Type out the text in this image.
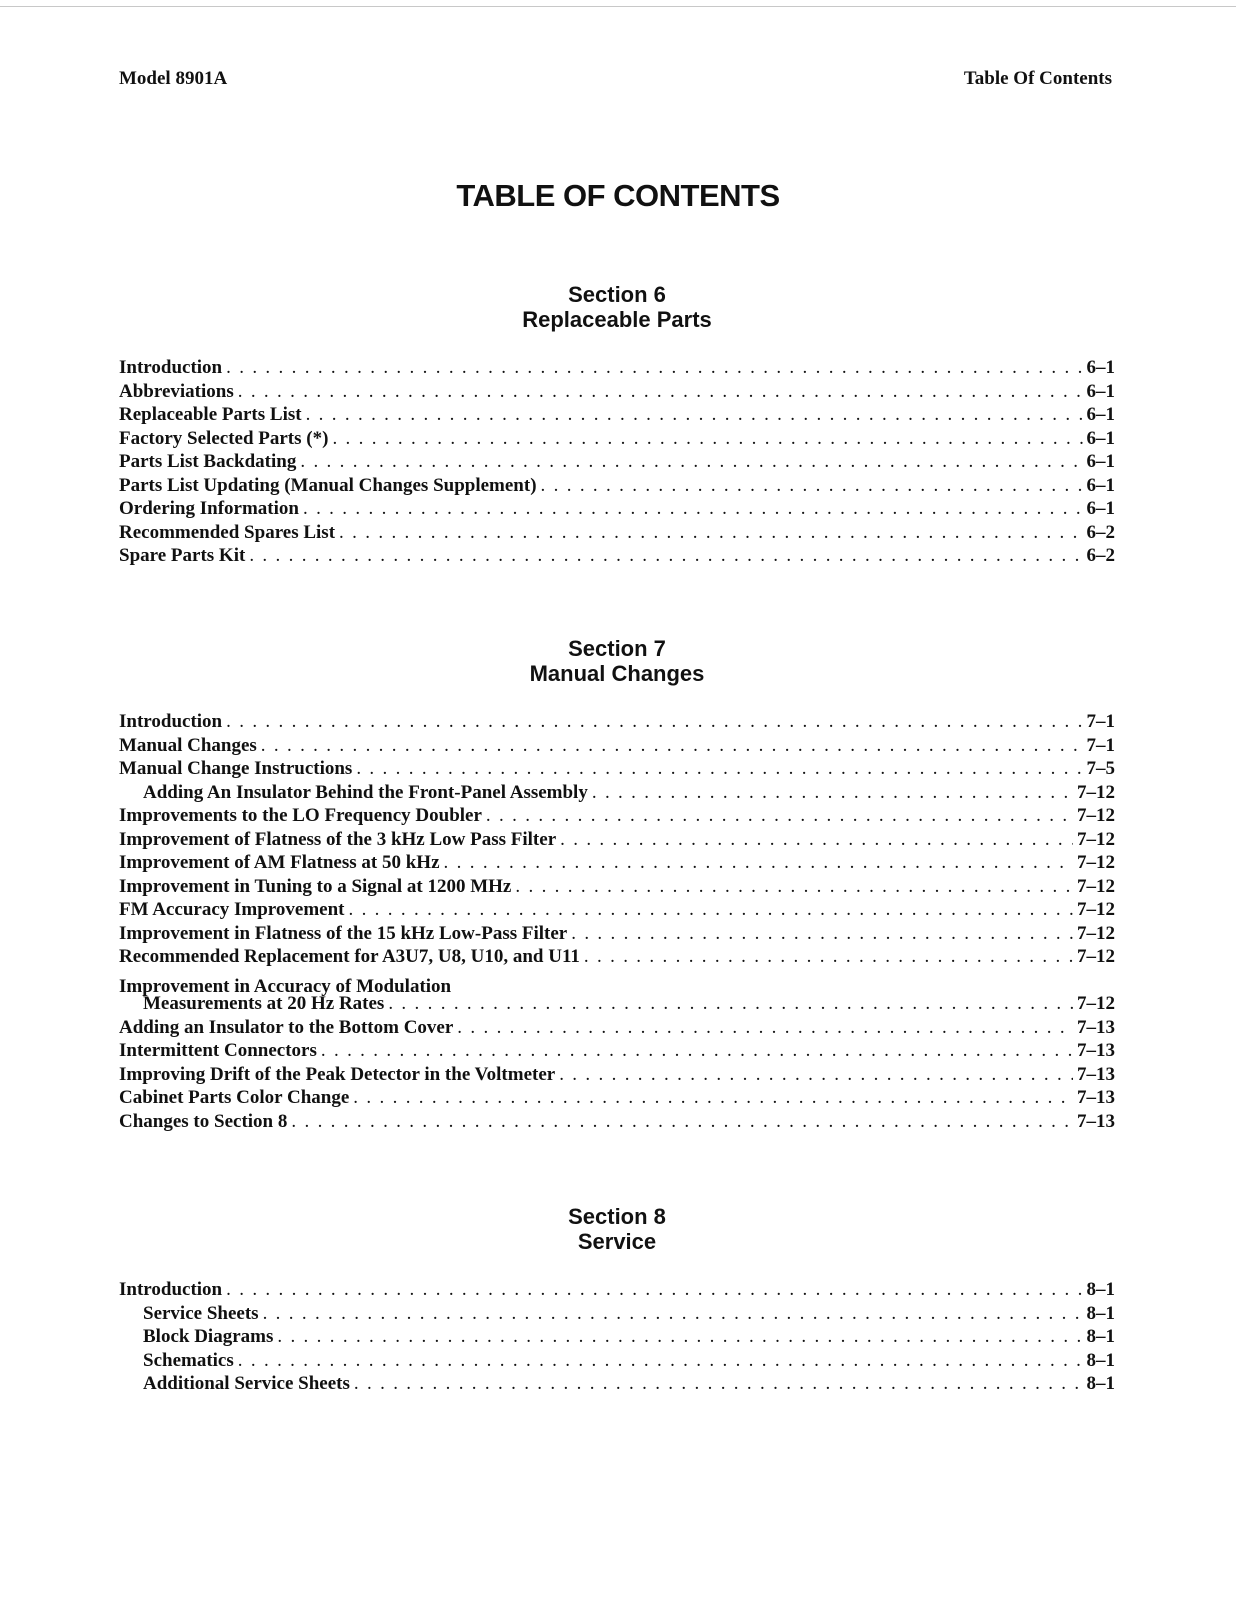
Model 8901A	Table Of Contents
TABLE OF CONTENTS
Section 6
Replaceable Parts
Introduction . . .	6–1
Abbreviations . . .	6–1
Replaceable Parts List . . .	6–1
Factory Selected Parts (*) . . .	6–1
Parts List Backdating . . .	6–1
Parts List Updating (Manual Changes Supplement) . . .	6–1
Ordering Information . . .	6–1
Recommended Spares List . . .	6–2
Spare Parts Kit . . .	6–2
Section 7
Manual Changes
Introduction . . .	7–1
Manual Changes . . .	7–1
Manual Change Instructions . . .	7–5
Adding An Insulator Behind the Front-Panel Assembly . . .	7–12
Improvements to the LO Frequency Doubler . . .	7–12
Improvement of Flatness of the 3 kHz Low Pass Filter . . .	7–12
Improvement of AM Flatness at 50 kHz . . .	7–12
Improvement in Tuning to a Signal at 1200 MHz . . .	7–12
FM Accuracy Improvement . . .	7–12
Improvement in Flatness of the 15 kHz Low-Pass Filter . . .	7–12
Recommended Replacement for A3U7, U8, U10, and U11 . . .	7–12
Improvement in Accuracy of Modulation
Measurements at 20 Hz Rates . . .	7–12
Adding an Insulator to the Bottom Cover . . .	7–13
Intermittent Connectors . . .	7–13
Improving Drift of the Peak Detector in the Voltmeter . . .	7–13
Cabinet Parts Color Change . . .	7–13
Changes to Section 8 . . .	7–13
Section 8
Service
Introduction . . .	8–1
Service Sheets . . .	8–1
Block Diagrams . . .	8–1
Schematics . . .	8–1
Additional Service Sheets . . .	8–1
